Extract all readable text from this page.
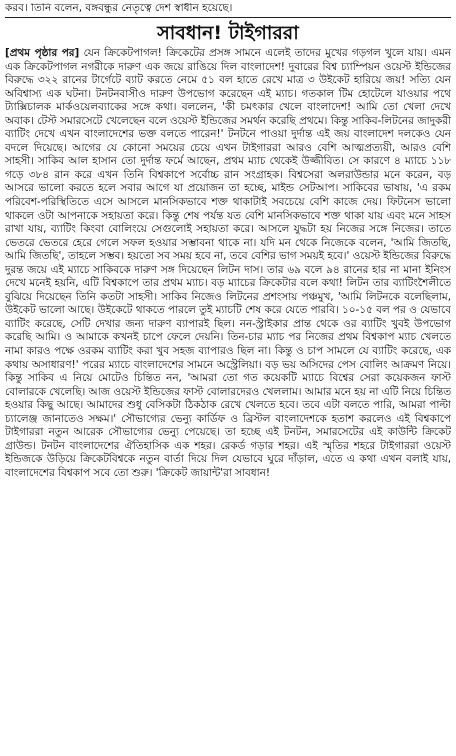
করব। তিনি বলেন, বঙ্গবন্ধুর নেতৃত্বে দেশ স্বাধীন হয়েছে।
সাবধান! টাইগাররা

[প্রথম পৃষ্ঠার পর] যেন ক্রিকেটপাগল! ক্রিকেটের প্রসঙ্গ সামনে এলেই তাদের মুখের গড়গল খুলে যায়। এমন এক ক্রিকেটপাগল নগরীকে দারুণ এক জয়ে রাঙিয়ে দিল বাংলাদেশ! দুবারের বিশ্ব চ্যাম্পিয়ন ওয়েস্ট ইন্ডিজের বিরুদ্ধে ৩২২ রানের টার্গেটে ব্যাট করতে নেমে ৫১ বল হাতে রেখে মাত্র ৩ উইকেট হারিয়ে জয়! সত্যি যেন অবিশ্বাস্য এক ঘটনা। টনটনবাসীও দারুণ উপভোগ করেছেন এই ম্যাচ। গতকাল টিম হোটেলে যাওয়ার পথে ট্যাক্সিচালক মার্কওয়েলব্যাকের সঙ্গে কথা। বললেন, 'কী চমৎকার খেলে বাংলাদেশ! আমি তো খেলা দেখে অবাক। টেস্ট সমারসেটে খেলেছেন বলে ওয়েস্ট ইন্ডিজের সমর্থন করেছি প্রথমে। কিন্তু সাকিব-লিটনের জাদুকরী ব্যাটিং দেখে এখন বাংলাদেশের ভক্ত বলতে পারেন!' টনটনে পাওয়া দুর্দান্ত এই জয় বাংলাদেশ দলকেও যেন বদলে দিয়েছে। আগের যে কোনো সময়ের চেয়ে এখন টাইগাররা আরও বেশি আত্মপ্রত্যয়ী, আরও বেশি সাহসী। সাকিব আল হাসান তো দুর্দান্ত ফর্মে আছেন, প্রথম ম্যাচ থেকেই উজ্জীবিত। সে কারণে ৪ ম্যাচে ১১৮ গড়ে ৩৮৪ রান করে এখন তিনি বিশ্বকাপে সর্বোচ্চ রান সংগ্রাহক। বিশ্বসেরা অলরাউন্ডার মনে করেন, বড় আসরে ভালো করতে হলে সবার আগে যা প্রয়োজন তা হচ্ছে, মাইন্ড সেটআপ। সাকিবের ভাষায়, 'এ রকম পরিবেশ-পরিস্থিতিতে এসে আসলে মানসিকভাবে শক্ত থাকাটাই সবচেয়ে বেশি কাজে দেয়। ফিটনেস ভালো থাকলে ওটা আপনাকে সহায়তা করে। কিন্তু শেষ পর্যন্ত যত বেশি মানসিকভাবে শক্ত থাকা যায় এবং মনে সাহস রাখা যায়, ব্যাটিং কিংবা বোলিংয়ে সেগুলোই সহায়তা করে। আসলে যুদ্ধটা হয় নিজের সঙ্গে নিজের। তাতে ভেতরে ভেতরে হেরে গেলে সফল হওয়ার সম্ভাবনা থাকে না। যদি মন থেকে নিজেকে বলেন, 'আমি জিতছি, আমি জিতছি', তাহলে সম্ভব। হয়তো সব সময় হবে না, তবে বেশির ভাগ সময়ই হবে।' ওয়েস্ট ইন্ডিজের বিরুদ্ধে দুরন্ত জয়ে এই ম্যাচে সাকিবকে দারুণ সঙ্গ দিয়েছেন লিটন দাস। তার ৬৯ বলে ৯৪ রানের হার না মানা ইনিংস দেখে মনেই হয়নি, এটি বিশ্বকাপে তার প্রথম ম্যাচ। বড় ম্যাচের ক্রিকেটার বলে কথা! লিটন তার ব্যাটিংশৈলীতে বুঝিয়ে দিয়েছেন তিনি কতটা সাহসী। সাকিব নিজেও লিটনের প্রশংসায় পঞ্চমুখ, 'আমি লিটনকে বলেছিলাম, উইকেট ভালো আছে। উইকেটে থাকতে পারলে তুই ম্যাচটি শেষ করে যেতে পারবি। ১০-১৫ বল পর ও যেভাবে ব্যাটিং করেছে, সেটি দেখার জন্য দারুণ ব্যাপারই ছিল। নন-স্ট্রাইকার প্রান্ত থেকে ওর ব্যাটিং খুবই উপভোগ করেছি আমি। ও আমাকে কখনই চাপে ফেলে দেয়নি। তিন-চার ম্যাচ পর নিজের প্রথম বিশ্বকাপ ম্যাচ খেলতে নামা কারও পক্ষে ওরকম ব্যাটিং করা খুব সহজ ব্যাপারও ছিল না। কিন্তু ও চাপ সামলে যে ব্যাটিং করেছে, এক কথায় অসাধারণ!' পরের ম্যাচে বাংলাদেশের সামনে অস্ট্রেলিয়া। বড় ভয় অসিদের পেস বোলিং আক্রমণ নিয়ে। কিন্তু সাকিব এ নিয়ে মোটেও চিন্তিত নন, 'আমরা তো গত কয়েকটি ম্যাচে বিশ্বের সেরা কয়েকজন ফাস্ট বোলারকে খেলেছি। আজ ওয়েস্ট ইন্ডিজের ফাস্ট বোলারদেরও খেললাম। আমার মনে হয় না এটি নিয়ে চিন্তিত হওয়ার কিছু আছে। আমাদের শুধু বেসিকটা ঠিকঠাক রেখে খেলতে হবে। তবে এটা বলতে পারি, আমরা পাল্টা চ্যালেঞ্জ জানাতেও সক্ষম।' সৌভাগ্যের ভেন্যু কার্ডিফ ও ব্রিস্টল বাংলাদেশকে হতাশ করলেও এই বিশ্বকাপে টাইগাররা নতুন আরেক সৌভাগ্যের ভেন্যু পেয়েছে। তা হচ্ছে এই টনটন, সমারসেটের এই কাউন্টি ক্রিকেট গ্রাউন্ড। টনটন বাংলাদেশের ঐতিহাসিক এক শহর। রেকর্ড গড়ার শহর। এই স্মৃতির শহরে টাইগাররা ওয়েস্ট ইন্ডিজকে উড়িয়ে ক্রিকেটবিশ্বকে নতুন বার্তা দিয়ে দিল যেভাবে ঘুরে দাঁড়াল, এতে এ কথা এখন বলাই যায়, বাংলাদেশের বিশ্বকাপ সবে তো শুরু। 'ক্রিকেট জায়ান্ট'রা সাবধান!
